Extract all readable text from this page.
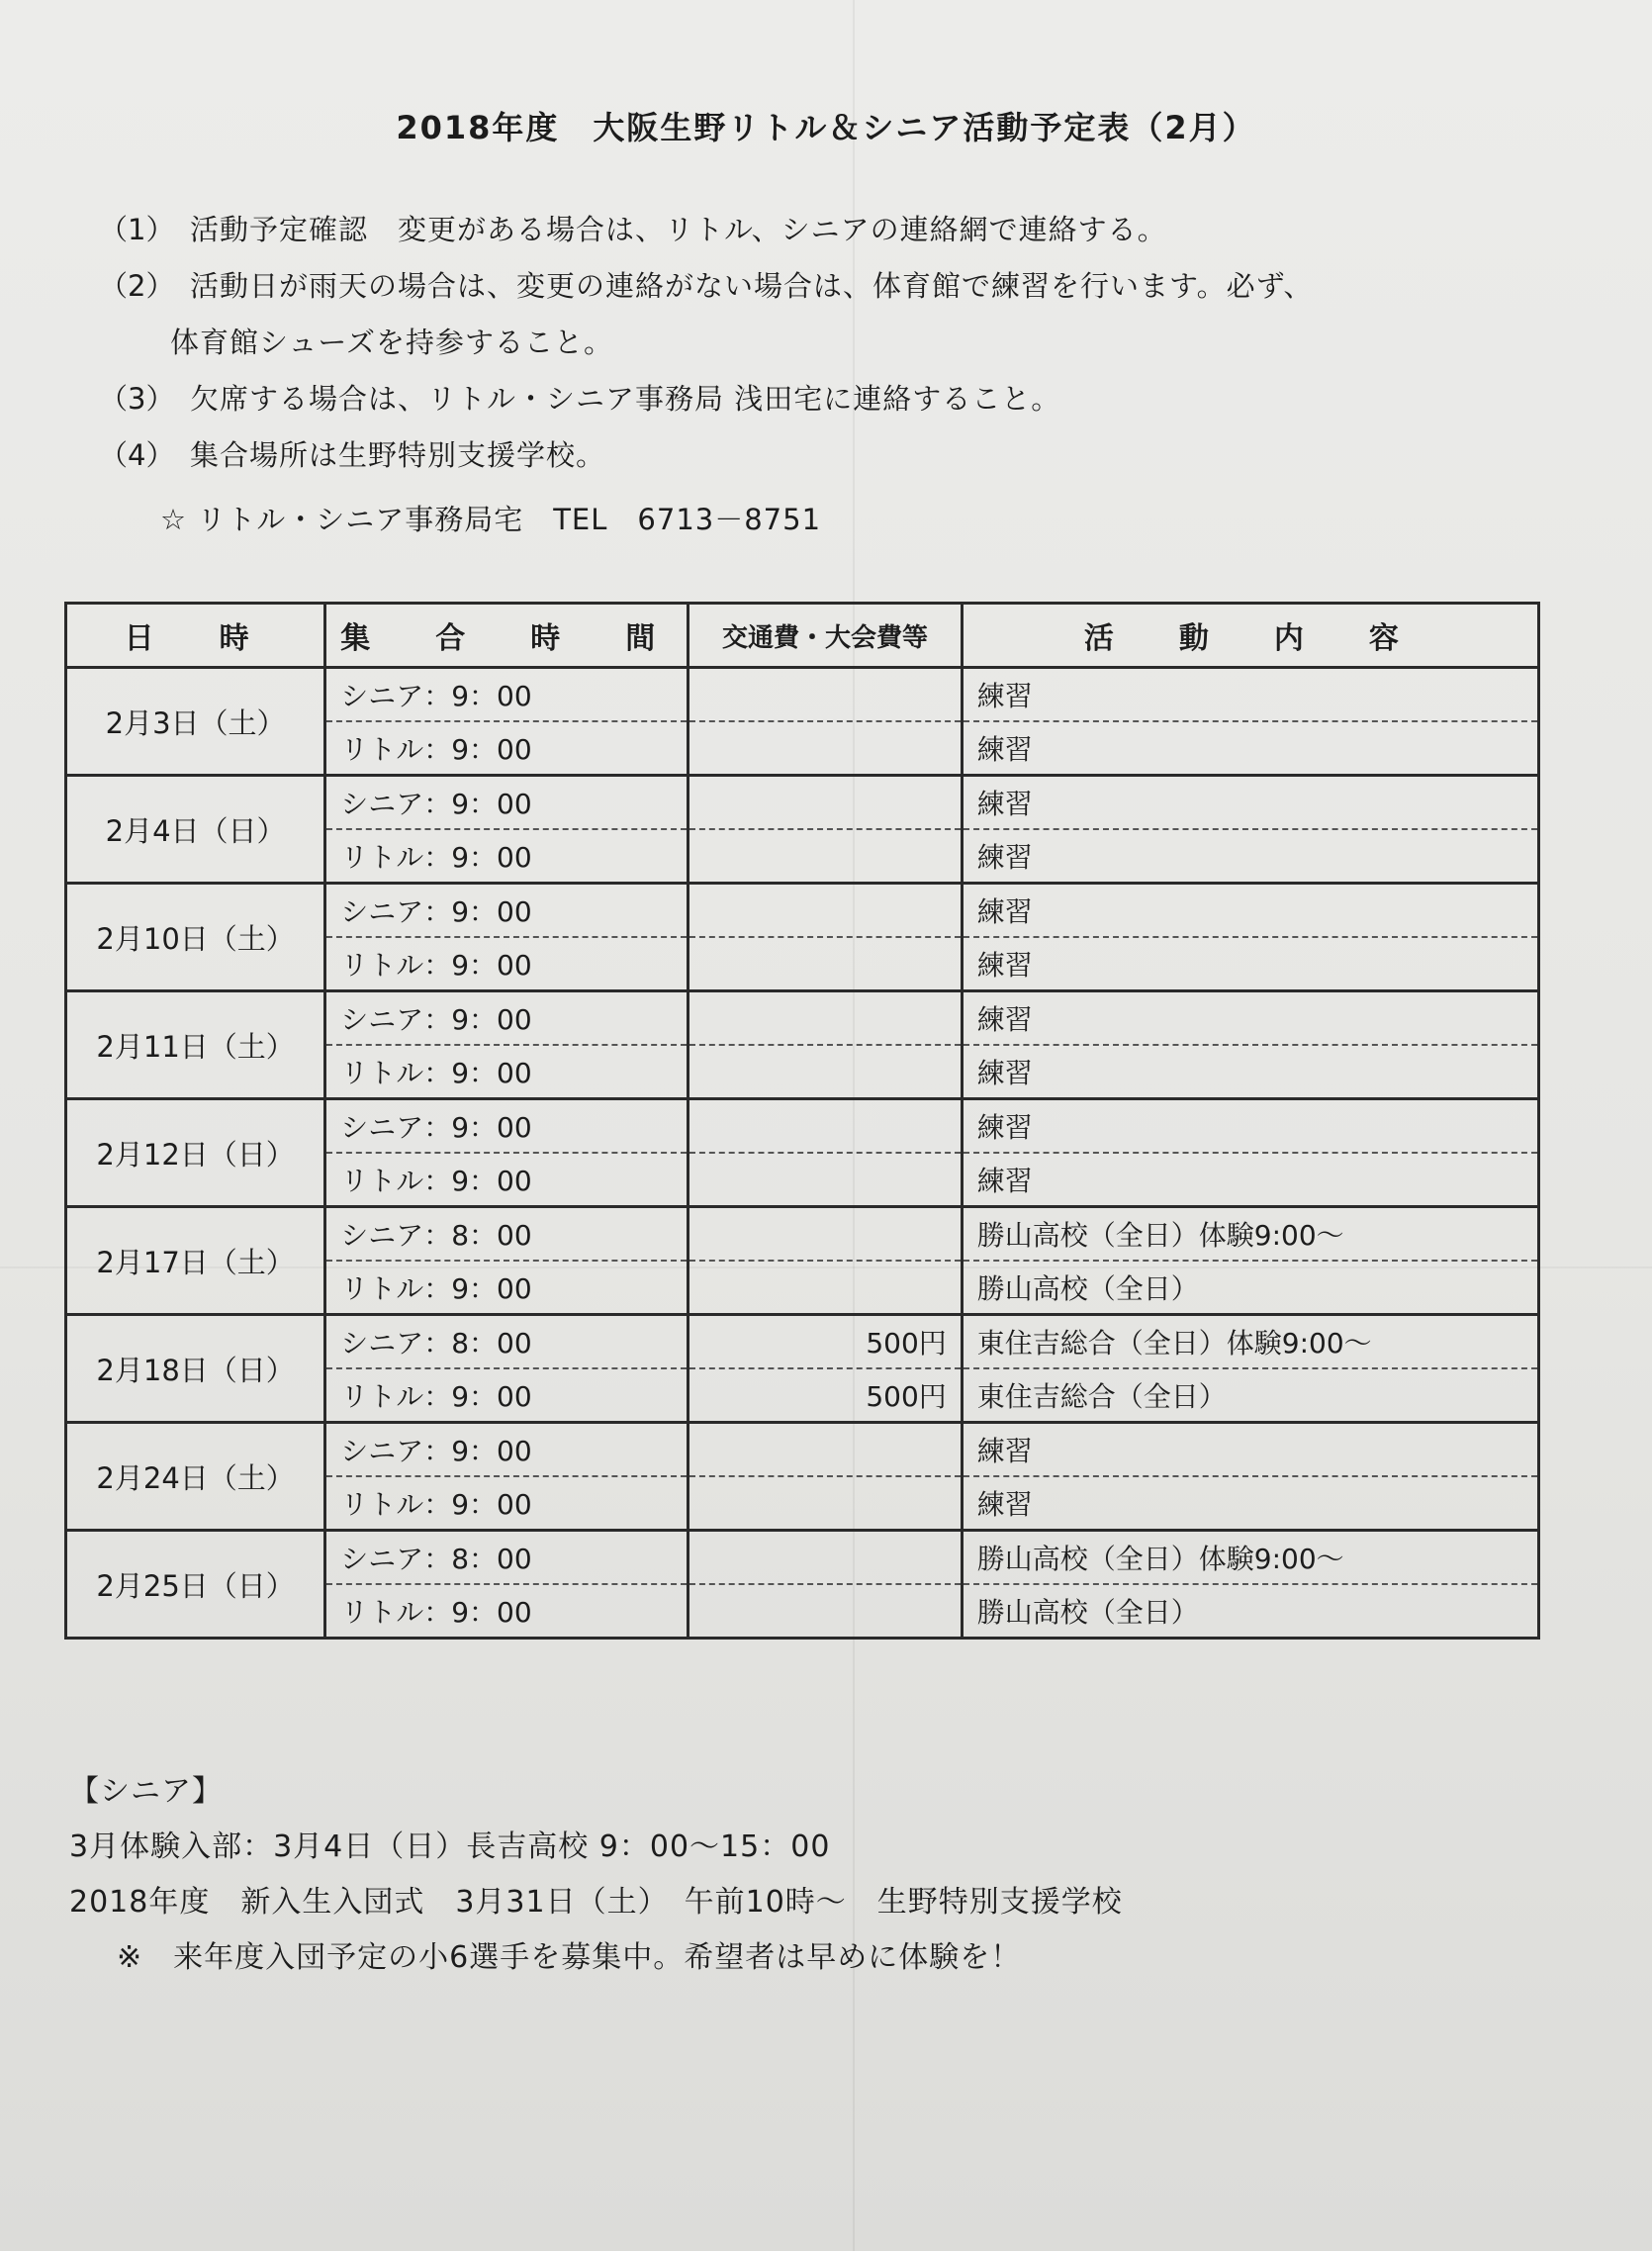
2018年度　大阪生野リトル＆シニア活動予定表（2月）
（1） 活動予定確認　変更がある場合は、リトル、シニアの連絡網で連絡する。
（2） 活動日が雨天の場合は、変更の連絡がない場合は、体育館で練習を行います。必ず、
体育館シューズを持参すること。
（3） 欠席する場合は、リトル・シニア事務局 浅田宅に連絡すること。
（4） 集合場所は生野特別支援学校。
☆ リトル・シニア事務局宅　TEL　6713－8751
日　時	集　合　時　間	交通費・大会費等	活　動　内　容
2月3日（土）	シニア：9：00		練習
	リトル：9：00		練習
2月4日（日）	シニア：9：00		練習
	リトル：9：00		練習
2月10日（土）	シニア：9：00		練習
	リトル：9：00		練習
2月11日（土）	シニア：9：00		練習
	リトル：9：00		練習
2月12日（日）	シニア：9：00		練習
	リトル：9：00		練習
2月17日（土）	シニア：8：00		勝山高校（全日）体験9:00～
	リトル：9：00		勝山高校（全日）
2月18日（日）	シニア：8：00	500円	東住吉総合（全日）体験9:00～
	リトル：9：00	500円	東住吉総合（全日）
2月24日（土）	シニア：9：00		練習
	リトル：9：00		練習
2月25日（日）	シニア：8：00		勝山高校（全日）体験9:00～
	リトル：9：00		勝山高校（全日）
【シニア】
3月体験入部：3月4日（日）長吉高校 9：00～15：00
2018年度　新入生入団式　3月31日（土）　午前10時～　生野特別支援学校
※　来年度入団予定の小6選手を募集中。希望者は早めに体験を！
